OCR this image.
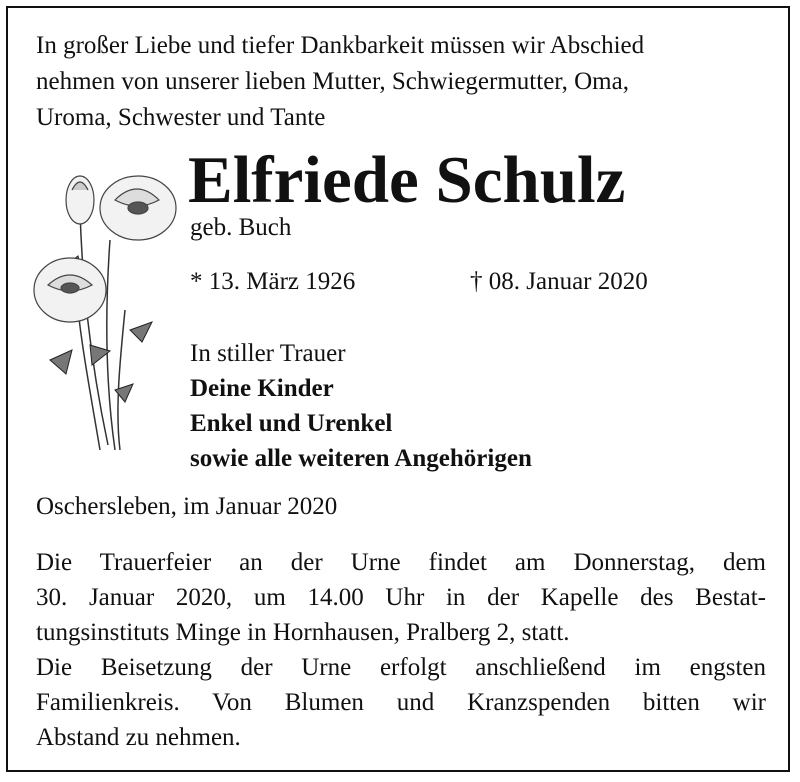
In großer Liebe und tiefer Dankbarkeit müssen wir Abschied
nehmen von unserer lieben Mutter, Schwiegermutter, Oma,
Uroma, Schwester und Tante
Elfriede Schulz
geb. Buch
* 13. März 1926	† 08. Januar 2020
In stiller Trauer
Deine Kinder
Enkel und Urenkel
sowie alle weiteren Angehörigen
Oschersleben, im Januar 2020
Die Trauerfeier an der Urne findet am Donnerstag, dem
30. Januar 2020, um 14.00 Uhr in der Kapelle des Bestat-
tungsinstituts Minge in Hornhausen, Pralberg 2, statt.
Die Beisetzung der Urne erfolgt anschließend im engsten
Familienkreis. Von Blumen und Kranzspenden bitten wir
Abstand zu nehmen.
